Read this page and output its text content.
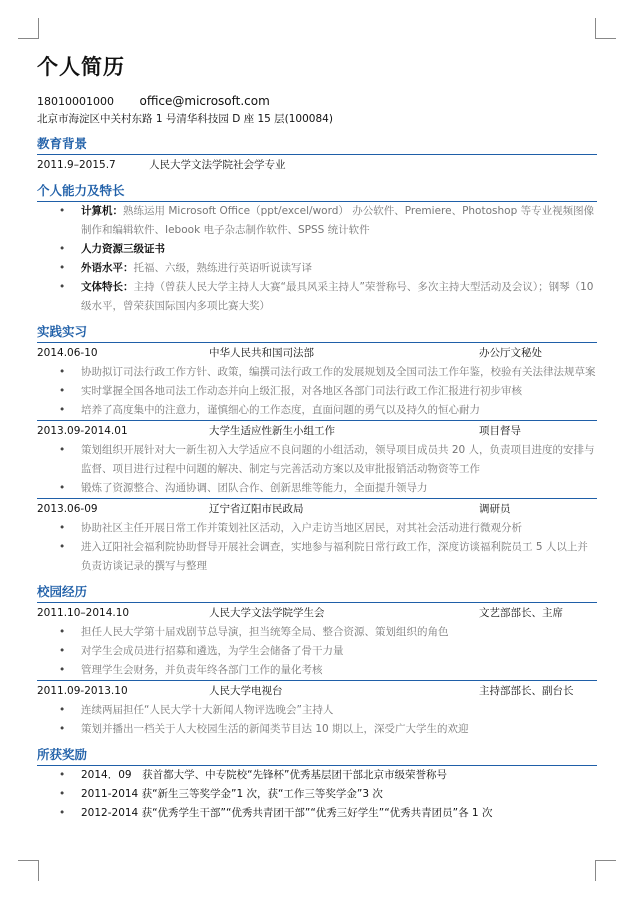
个人简历
18010001000 office@microsoft.com
北京市海淀区中关村东路 1 号清华科技园 D 座 15 层(100084)
教育背景
2011.9–2015.7	人民大学文法学院社会学专业
个人能力及特长
• 计算机：熟练运用 Microsoft Office（ppt/excel/word） 办公软件、Premiere、Photoshop 等专业视频图像制作和编辑软件、Iebook 电子杂志制作软件、SPSS 统计软件
• 人力资源三级证书
• 外语水平：托福、六级，熟练进行英语听说读写译
• 文体特长：主持（曾获人民大学主持人大赛“最具风采主持人”荣誉称号、多次主持大型活动及会议）；钢琴（10 级水平，曾荣获国际国内多项比赛大奖）
实践实习
2014.06-10	中华人民共和国司法部	办公厅文秘处
• 协助拟订司法行政工作方针、政策，编撰司法行政工作的发展规划及全国司法工作年鉴，校验有关法律法规草案
• 实时掌握全国各地司法工作动态并向上级汇报，对各地区各部门司法行政工作汇报进行初步审核
• 培养了高度集中的注意力，谨慎细心的工作态度，直面问题的勇气以及持久的恒心耐力
2013.09-2014.01	大学生适应性新生小组工作	项目督导
• 策划组织开展针对大一新生初入大学适应不良问题的小组活动，领导项目成员共 20 人，负责项目进度的安排与监督、项目进行过程中问题的解决、制定与完善活动方案以及审批报销活动物资等工作
• 锻炼了资源整合、沟通协调、团队合作、创新思维等能力，全面提升领导力
2013.06-09	辽宁省辽阳市民政局	调研员
• 协助社区主任开展日常工作并策划社区活动，入户走访当地区居民，对其社会活动进行微观分析
• 进入辽阳社会福利院协助督导开展社会调查，实地参与福利院日常行政工作，深度访谈福利院员工 5 人以上并负责访谈记录的撰写与整理
校园经历
2011.10–2014.10	人民大学文法学院学生会	文艺部部长、主席
• 担任人民大学第十届戏剧节总导演，担当统筹全局、整合资源、策划组织的角色
• 对学生会成员进行招募和遴选，为学生会储备了骨干力量
• 管理学生会财务，并负责年终各部门工作的量化考核
2011.09-2013.10	人民大学电视台	主持部部长、副台长
• 连续两届担任“人民大学十大新闻人物评选晚会”主持人
• 策划并播出一档关于人大校园生活的新闻类节目达 10 期以上，深受广大学生的欢迎
所获奖励
• 2014．09　获首都大学、中专院校“先锋杯”优秀基层团干部北京市级荣誉称号
• 2011-2014 获“新生三等奖学金”1 次，获“工作三等奖学金”3 次
• 2012-2014 获“优秀学生干部”“优秀共青团干部”“优秀三好学生”“优秀共青团员”各 1 次
